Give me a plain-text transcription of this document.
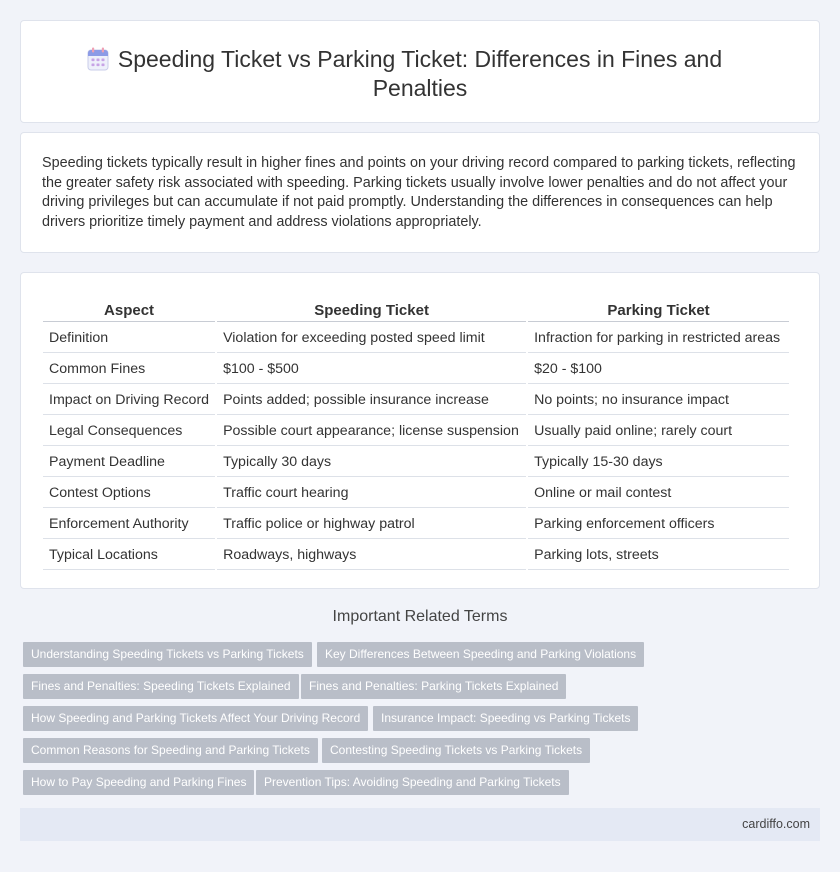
Speeding Ticket vs Parking Ticket: Differences in Fines and Penalties

Speeding tickets typically result in higher fines and points on your driving record compared to parking tickets, reflecting the greater safety risk associated with speeding. Parking tickets usually involve lower penalties and do not affect your driving privileges but can accumulate if not paid promptly. Understanding the differences in consequences can help drivers prioritize timely payment and address violations appropriately.

Aspect	Speeding Ticket	Parking Ticket
Definition	Violation for exceeding posted speed limit	Infraction for parking in restricted areas
Common Fines	$100 - $500	$20 - $100
Impact on Driving Record	Points added; possible insurance increase	No points; no insurance impact
Legal Consequences	Possible court appearance; license suspension	Usually paid online; rarely court
Payment Deadline	Typically 30 days	Typically 15-30 days
Contest Options	Traffic court hearing	Online or mail contest
Enforcement Authority	Traffic police or highway patrol	Parking enforcement officers
Typical Locations	Roadways, highways	Parking lots, streets
Important Related Terms
Understanding Speeding Tickets vs Parking Tickets	Key Differences Between Speeding and Parking Violations
Fines and Penalties: Speeding Tickets Explained	Fines and Penalties: Parking Tickets Explained
How Speeding and Parking Tickets Affect Your Driving Record	Insurance Impact: Speeding vs Parking Tickets
Common Reasons for Speeding and Parking Tickets	Contesting Speeding Tickets vs Parking Tickets
How to Pay Speeding and Parking Fines	Prevention Tips: Avoiding Speeding and Parking Tickets
cardiffo.com
